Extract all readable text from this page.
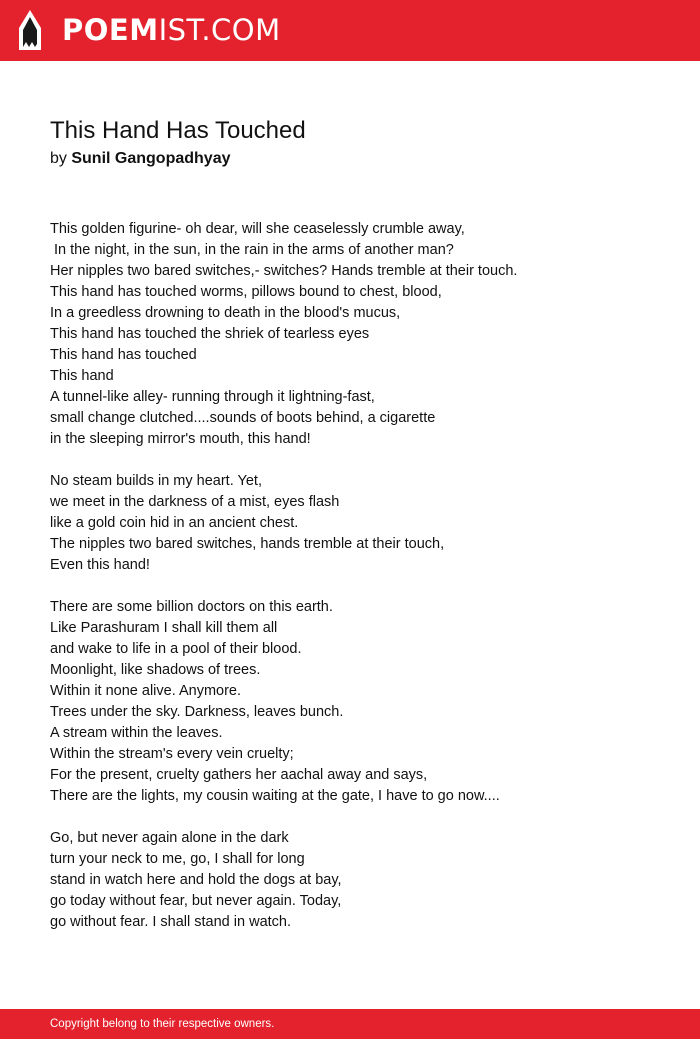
POEMIST.COM
This Hand Has Touched
by Sunil Gangopadhyay
This golden figurine- oh dear, will she ceaselessly crumble away,
In the night, in the sun, in the rain in the arms of another man?
Her nipples two bared switches,- switches? Hands tremble at their touch.
This hand has touched worms, pillows bound to chest, blood,
In a greedless drowning to death in the blood's mucus,
This hand has touched the shriek of tearless eyes
This hand has touched
This hand
A tunnel-like alley- running through it lightning-fast,
small change clutched....sounds of boots behind, a cigarette
in the sleeping mirror's mouth, this hand!
No steam builds in my heart. Yet,
we meet in the darkness of a mist, eyes flash
like a gold coin hid in an ancient chest.
The nipples two bared switches, hands tremble at their touch,
Even this hand!
There are some billion doctors on this earth.
Like Parashuram I shall kill them all
and wake to life in a pool of their blood.
Moonlight, like shadows of trees.
Within it none alive. Anymore.
Trees under the sky. Darkness, leaves bunch.
A stream within the leaves.
Within the stream's every vein cruelty;
For the present, cruelty gathers her aachal away and says,
There are the lights, my cousin waiting at the gate, I have to go now....
Go, but never again alone in the dark
turn your neck to me, go, I shall for long
stand in watch here and hold the dogs at bay,
go today without fear, but never again. Today,
go without fear. I shall stand in watch.
Copyright belong to their respective owners.
